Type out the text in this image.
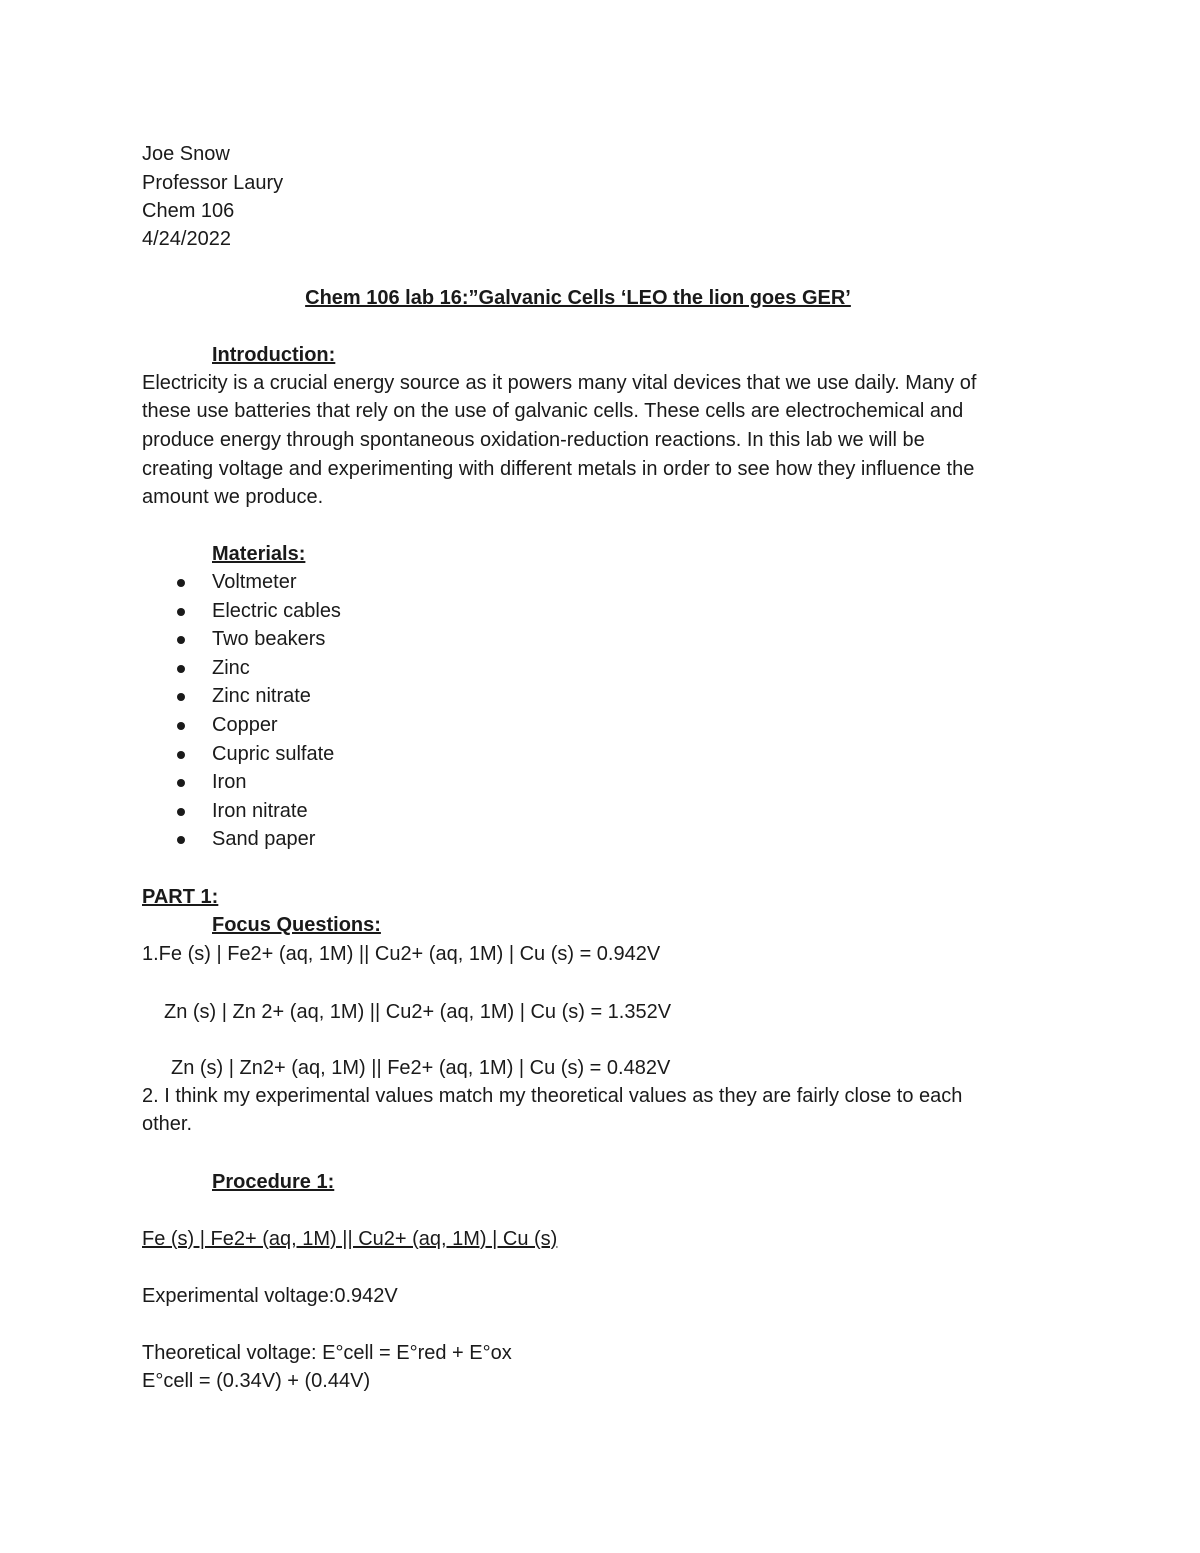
Joe Snow
Professor Laury
Chem 106
4/24/2022
Chem 106 lab 16:”Galvanic Cells ‘LEO the lion goes GER’
Introduction:
Electricity is a crucial energy source as it powers many vital devices that we use daily. Many of
these use batteries that rely on the use of galvanic cells. These cells are electrochemical and
produce energy through spontaneous oxidation-reduction reactions. In this lab we will be
creating voltage and experimenting with different metals in order to see how they influence the
amount we produce.
Materials:
Voltmeter
Electric cables
Two beakers
Zinc
Zinc nitrate
Copper
Cupric sulfate
Iron
Iron nitrate
Sand paper
PART 1:
Focus Questions:
1.Fe (s) | Fe2+ (aq, 1M) || Cu2+ (aq, 1M) | Cu (s) = 0.942V
Zn (s) | Zn 2+ (aq, 1M) || Cu2+ (aq, 1M) | Cu (s) = 1.352V
Zn (s) | Zn2+ (aq, 1M) || Fe2+ (aq, 1M) | Cu (s) = 0.482V
2. I think my experimental values match my theoretical values as they are fairly close to each
other.
Procedure 1:
Fe (s) | Fe2+ (aq, 1M) || Cu2+ (aq, 1M) | Cu (s)
Experimental voltage:0.942V
Theoretical voltage: E°cell = E°red + E°ox
E°cell = (0.34V) + (0.44V)
